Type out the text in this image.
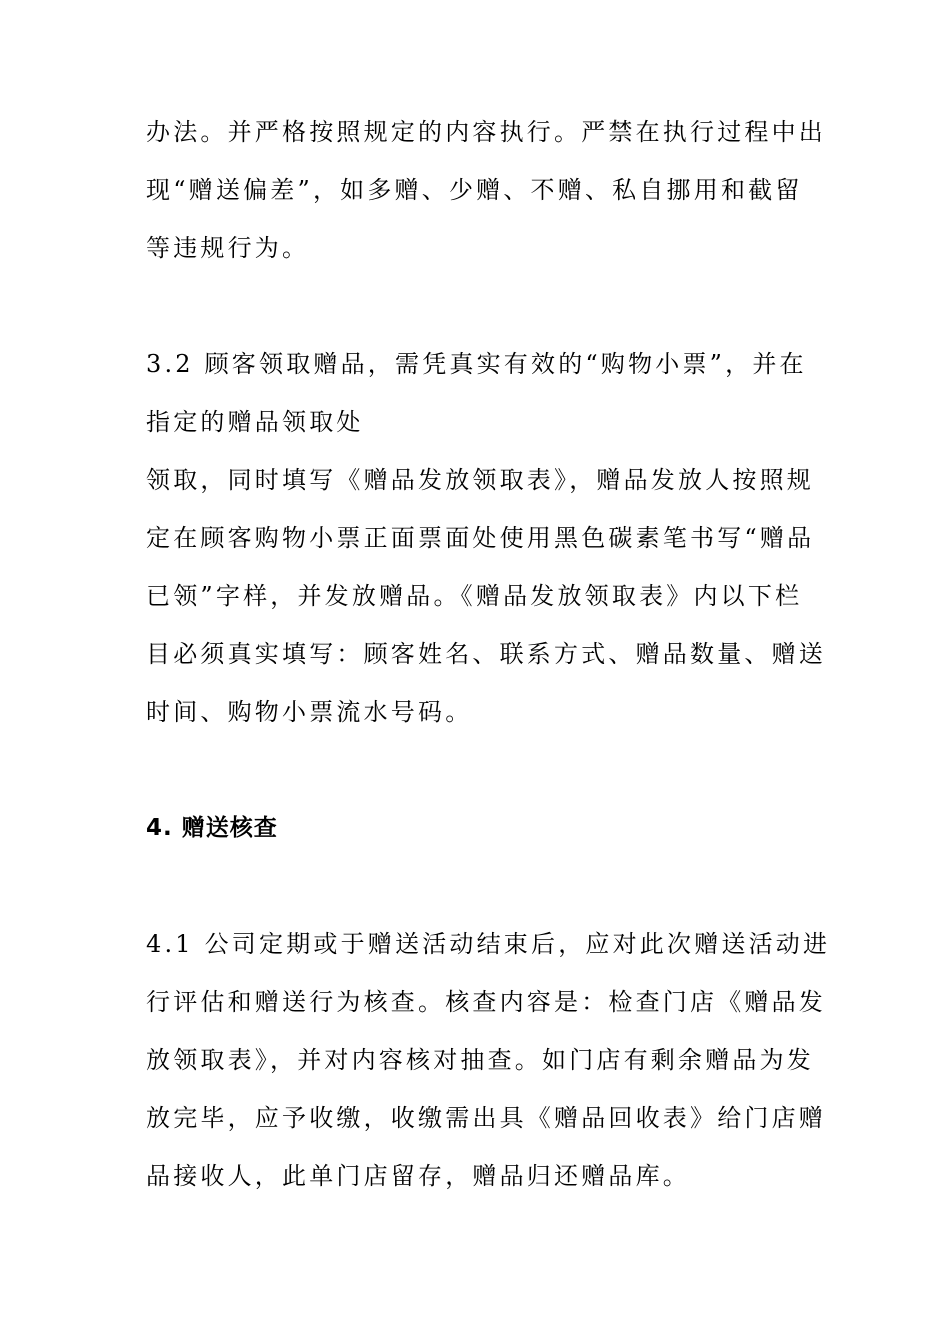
办法。并严格按照规定的内容执行。严禁在执行过程中出
现“赠送偏差”，如多赠、少赠、不赠、私自挪用和截留
等违规行为。
3.2 顾客领取赠品，需凭真实有效的“购物小票”，并在
指定的赠品领取处
领取，同时填写《赠品发放领取表》，赠品发放人按照规
定在顾客购物小票正面票面处使用黑色碳素笔书写“赠品
已领”字样，并发放赠品。《赠品发放领取表》内以下栏
目必须真实填写：顾客姓名、联系方式、赠品数量、赠送
时间、购物小票流水号码。
4. 赠送核查
4.1 公司定期或于赠送活动结束后，应对此次赠送活动进
行评估和赠送行为核查。核查内容是：检查门店《赠品发
放领取表》，并对内容核对抽查。如门店有剩余赠品为发
放完毕，应予收缴，收缴需出具《赠品回收表》给门店赠
品接收人，此单门店留存，赠品归还赠品库。
